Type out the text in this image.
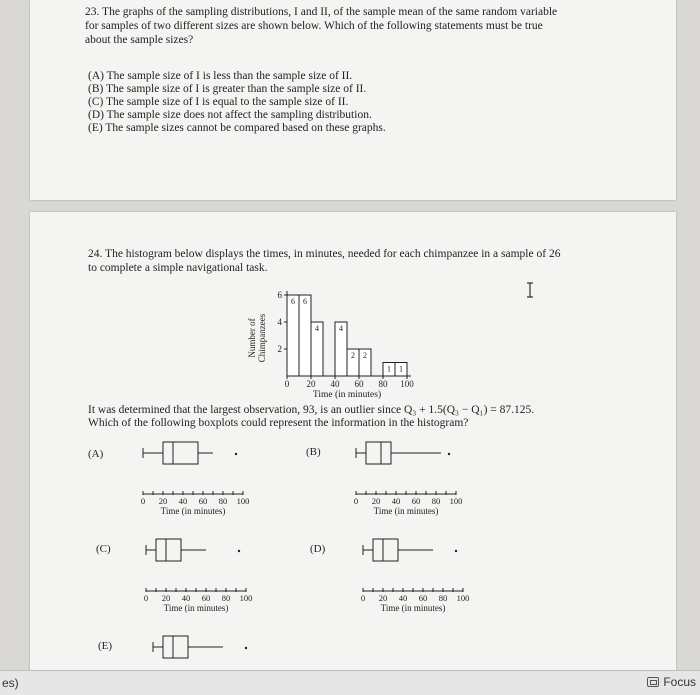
23. The graphs of the sampling distributions, I and II, of the sample mean of the same random variable
for samples of two different sizes are shown below. Which of the following statements must be true
about the sample sizes?
(A) The sample size of I is less than the sample size of II.
(B) The sample size of I is greater than the sample size of II.
(C) The sample size of I is equal to the sample size of II.
(D) The sample size does not affect the sampling distribution.
(E) The sample sizes cannot be compared based on these graphs.
24. The histogram below displays the times, in minutes, needed for each chimpanzee in a sample of 26
to complete a simple navigational task.
2
4
6
0 20 40 60 80 100
6 6
4	4
2 2
1 1
Time (in minutes)
Number of Chimpanzees
It was determined that the largest observation, 93, is an outlier since Q₃ + 1.5(Q₃ − Q₁) = 87.125.
Which of the following boxplots could represent the information in the histogram?
(A)	(B)
(C)	(D)
(E)
0 20 40 60 80 100
Time (in minutes)
0 20 40 60 80 100
Time (in minutes)
0 20 40 60 80 100
Time (in minutes)
0 20 40 60 80 100
Time (in minutes)
es)	Focus
